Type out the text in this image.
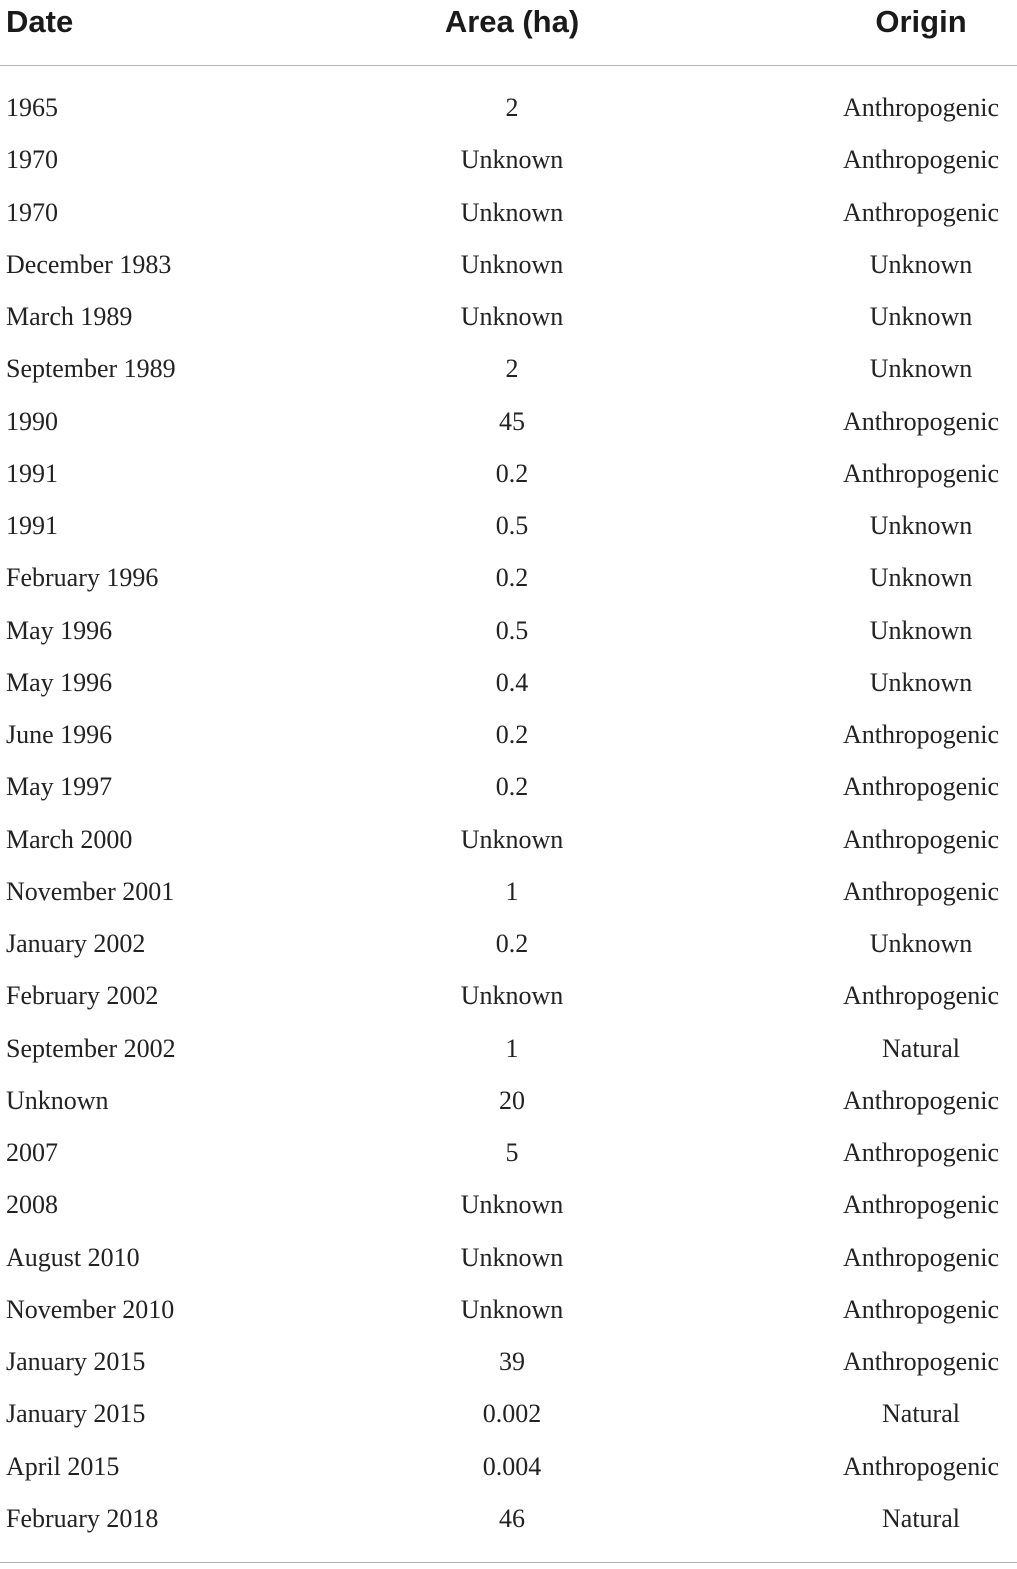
Date	Area (ha)	Origin
1965	2	Anthropogenic
1970	Unknown	Anthropogenic
1970	Unknown	Anthropogenic
December 1983	Unknown	Unknown
March 1989	Unknown	Unknown
September 1989	2	Unknown
1990	45	Anthropogenic
1991	0.2	Anthropogenic
1991	0.5	Unknown
February 1996	0.2	Unknown
May 1996	0.5	Unknown
May 1996	0.4	Unknown
June 1996	0.2	Anthropogenic
May 1997	0.2	Anthropogenic
March 2000	Unknown	Anthropogenic
November 2001	1	Anthropogenic
January 2002	0.2	Unknown
February 2002	Unknown	Anthropogenic
September 2002	1	Natural
Unknown	20	Anthropogenic
2007	5	Anthropogenic
2008	Unknown	Anthropogenic
August 2010	Unknown	Anthropogenic
November 2010	Unknown	Anthropogenic
January 2015	39	Anthropogenic
January 2015	0.002	Natural
April 2015	0.004	Anthropogenic
February 2018	46	Natural
